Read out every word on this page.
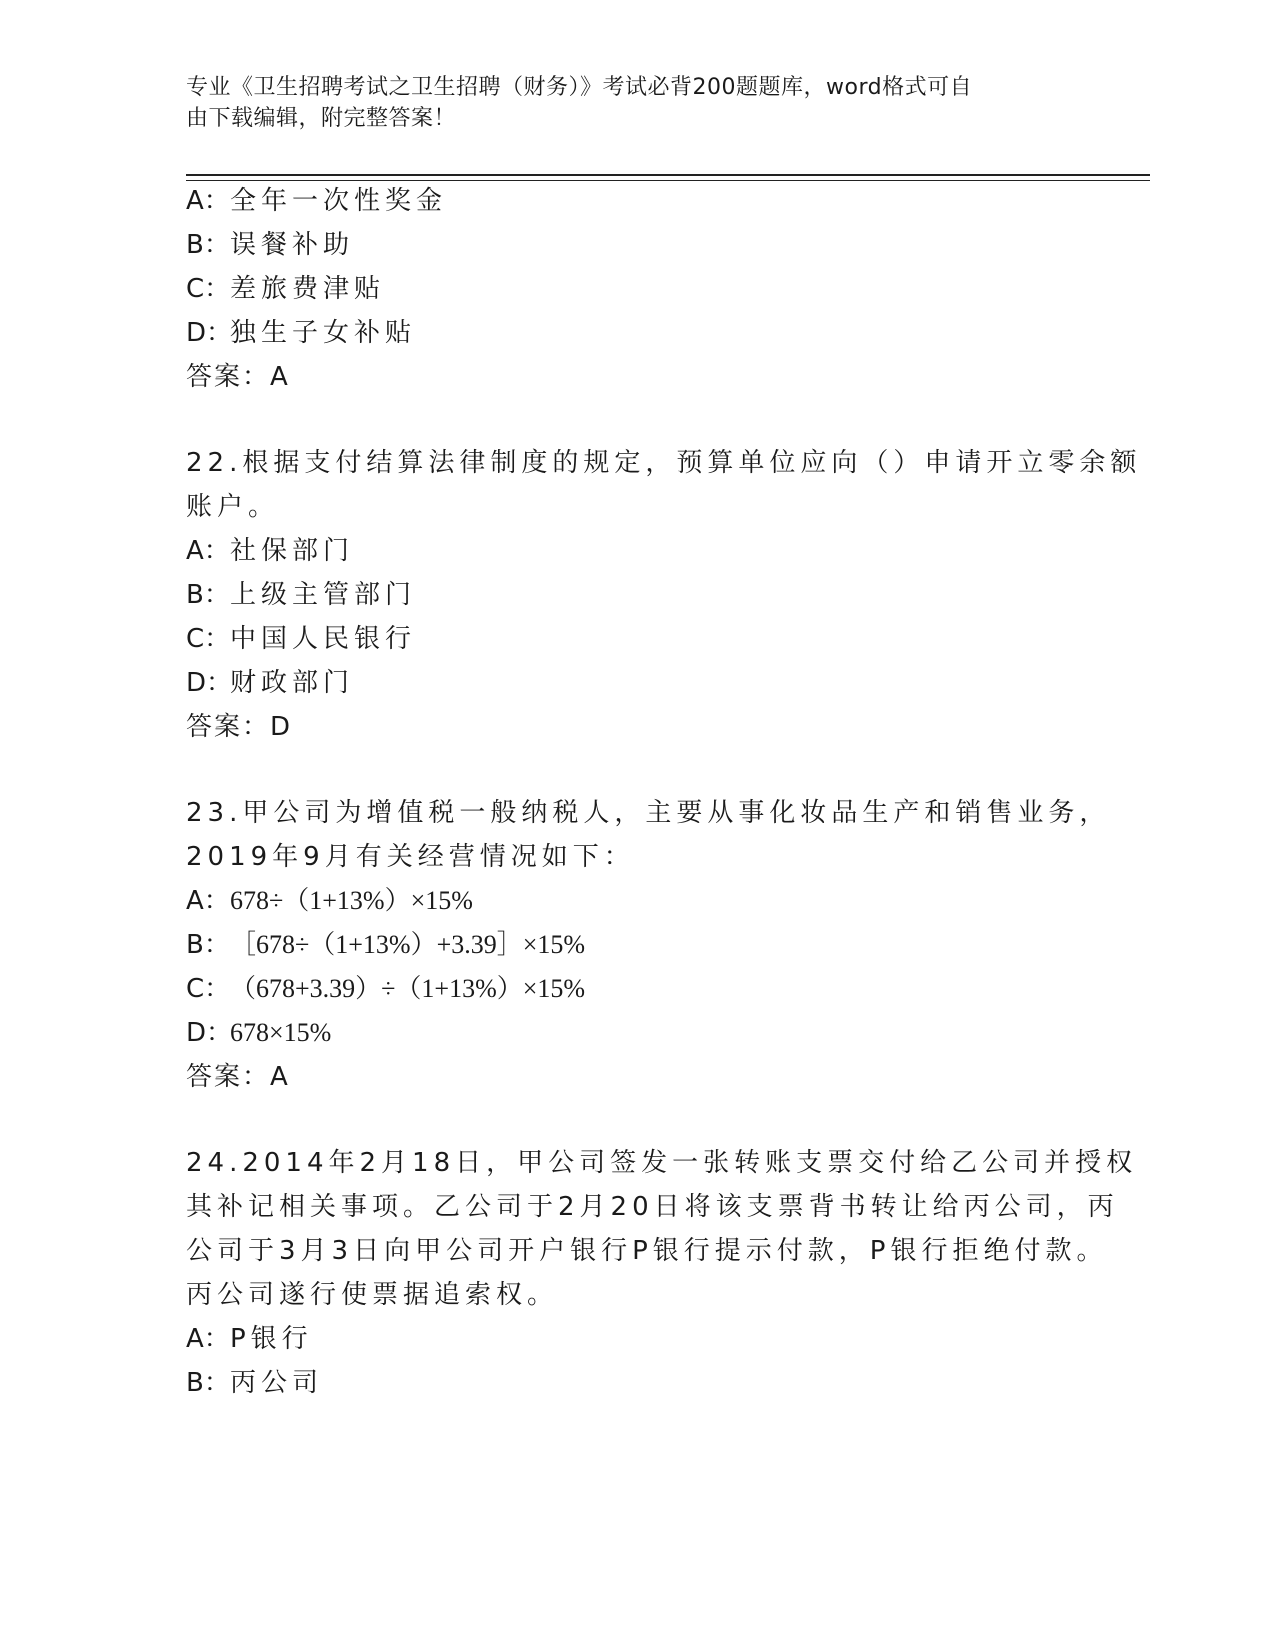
专业《卫生招聘考试之卫生招聘（财务）》考试必背200题题库，word格式可自
由下载编辑，附完整答案！
A：全年一次性奖金
B：误餐补助
C：差旅费津贴
D：独生子女补贴
答案：A
22.根据支付结算法律制度的规定，预算单位应向（）申请开立零余额
账户。
A：社保部门
B：上级主管部门
C：中国人民银行
D：财政部门
答案：D
23.甲公司为增值税一般纳税人，主要从事化妆品生产和销售业务，
2019年9月有关经营情况如下：
A：678÷（1+13%）×15%
B：［678÷（1+13%）+3.39］×15%
C：（678+3.39）÷（1+13%）×15%
D：678×15%
答案：A
24.2014年2月18日，甲公司签发一张转账支票交付给乙公司并授权
其补记相关事项。乙公司于2月20日将该支票背书转让给丙公司，丙
公司于3月3日向甲公司开户银行P银行提示付款，P银行拒绝付款。
丙公司遂行使票据追索权。
A：P银行
B：丙公司
